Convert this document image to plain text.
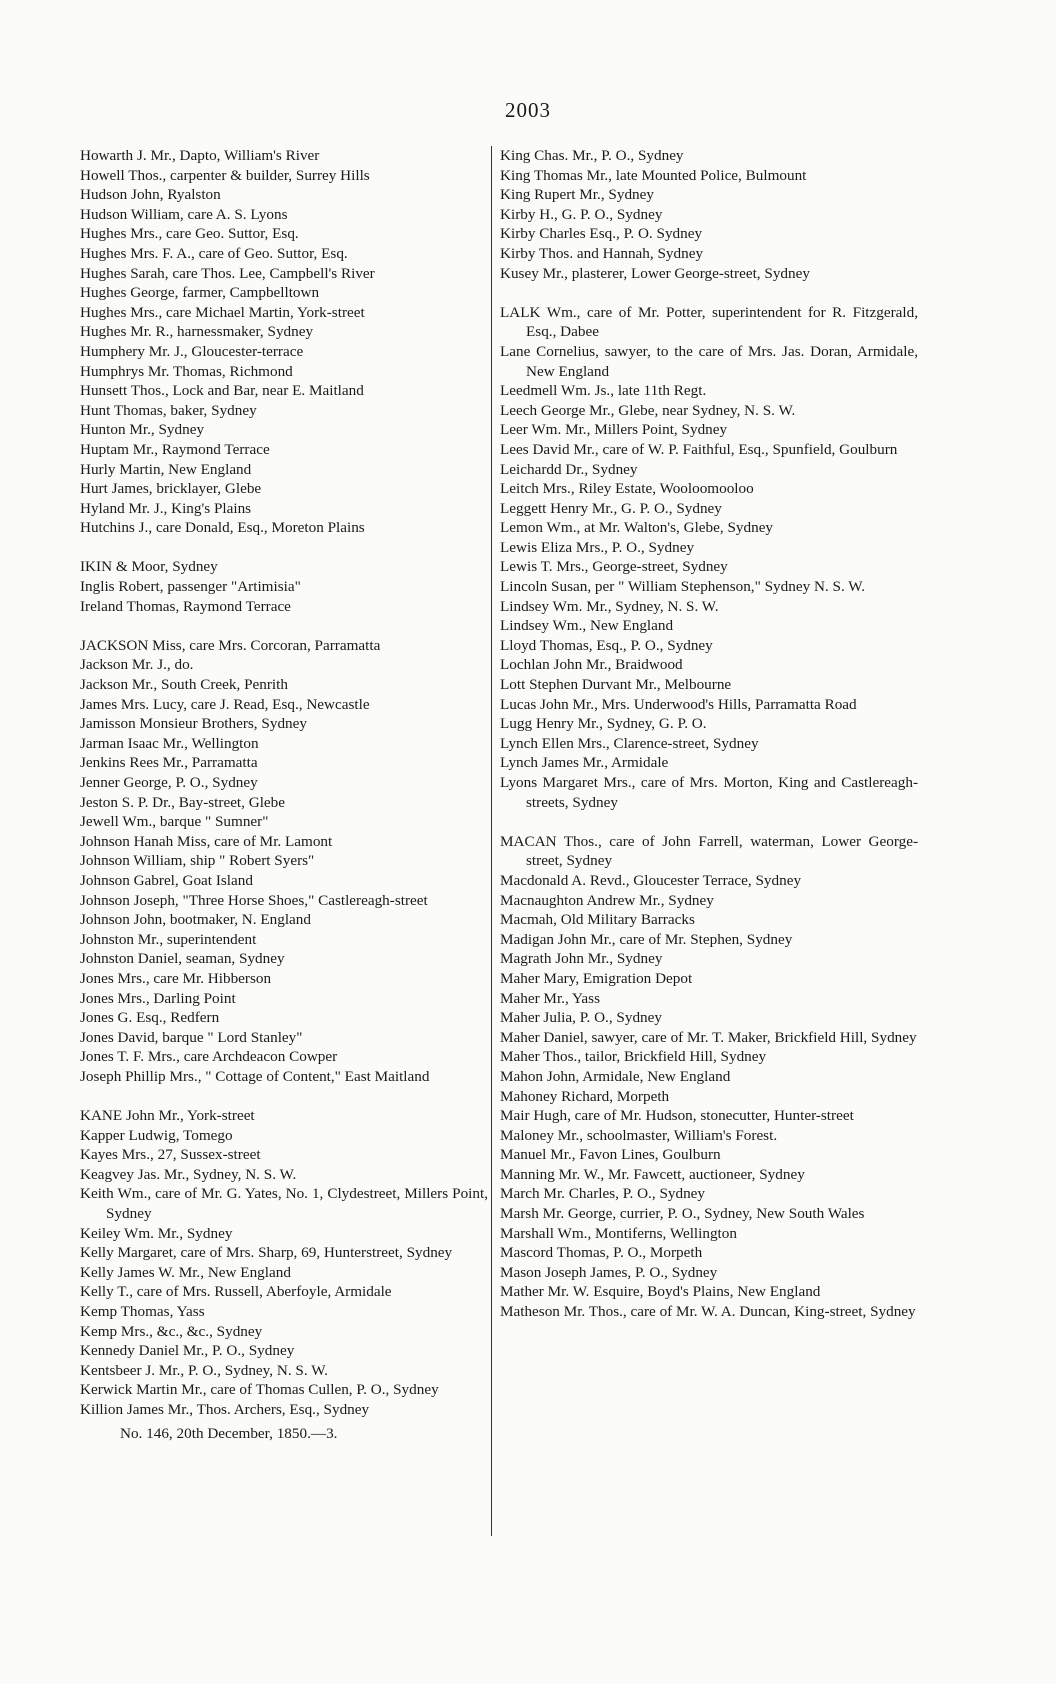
2003
Howarth J. Mr., Dapto, William's River
Howell Thos., carpenter & builder, Surrey Hills
Hudson John, Ryalston
Hudson William, care A. S. Lyons
Hughes Mrs., care Geo. Suttor, Esq.
Hughes Mrs. F. A., care of Geo. Suttor, Esq.
Hughes Sarah, care Thos. Lee, Campbell's River
Hughes George, farmer, Campbelltown
Hughes Mrs., care Michael Martin, York-street
Hughes Mr. R., harnessmaker, Sydney
Humphery Mr. J., Gloucester-terrace
Humphrys Mr. Thomas, Richmond
Hunsett Thos., Lock and Bar, near E. Maitland
Hunt Thomas, baker, Sydney
Hunton Mr., Sydney
Huptam Mr., Raymond Terrace
Hurly Martin, New England
Hurt James, bricklayer, Glebe
Hyland Mr. J., King's Plains
Hutchins J., care Donald, Esq., Moreton Plains
IKIN & Moor, Sydney
Inglis Robert, passenger "Artimisia"
Ireland Thomas, Raymond Terrace
JACKSON Miss, care Mrs. Corcoran, Parramatta
Jackson Mr. J., do.
Jackson Mr., South Creek, Penrith
James Mrs. Lucy, care J. Read, Esq., Newcastle
Jamisson Monsieur Brothers, Sydney
Jarman Isaac Mr., Wellington
Jenkins Rees Mr., Parramatta
Jenner George, P. O., Sydney
Jeston S. P. Dr., Bay-street, Glebe
Jewell Wm., barque " Sumner"
Johnson Hanah Miss, care of Mr. Lamont
Johnson William, ship " Robert Syers"
Johnson Gabrel, Goat Island
Johnson Joseph, "Three Horse Shoes," Castlereagh-street
Johnson John, bootmaker, N. England
Johnston Mr., superintendent
Johnston Daniel, seaman, Sydney
Jones Mrs., care Mr. Hibberson
Jones Mrs., Darling Point
Jones G. Esq., Redfern
Jones David, barque " Lord Stanley"
Jones T. F. Mrs., care Archdeacon Cowper
Joseph Phillip Mrs., " Cottage of Content," East Maitland
KANE John Mr., York-street
Kapper Ludwig, Tomego
Kayes Mrs., 27, Sussex-street
Keagvey Jas. Mr., Sydney, N. S. W.
Keith Wm., care of Mr. G. Yates, No. 1, Clydestreet, Millers Point, Sydney
Keiley Wm. Mr., Sydney
Kelly Margaret, care of Mrs. Sharp, 69, Hunterstreet, Sydney
Kelly James W. Mr., New England
Kelly T., care of Mrs. Russell, Aberfoyle, Armidale
Kemp Thomas, Yass
Kemp Mrs., &c., &c., Sydney
Kennedy Daniel Mr., P. O., Sydney
Kentsbeer J. Mr., P. O., Sydney, N. S. W.
Kerwick Martin Mr., care of Thomas Cullen, P. O., Sydney
Killion James Mr., Thos. Archers, Esq., Sydney
No. 146, 20th December, 1850.—3.
King Chas. Mr., P. O., Sydney
King Thomas Mr., late Mounted Police, Bulmount
King Rupert Mr., Sydney
Kirby H., G. P. O., Sydney
Kirby Charles Esq., P. O. Sydney
Kirby Thos. and Hannah, Sydney
Kusey Mr., plasterer, Lower George-street, Sydney
LALK Wm., care of Mr. Potter, superintendent for R. Fitzgerald, Esq., Dabee
Lane Cornelius, sawyer, to the care of Mrs. Jas. Doran, Armidale, New England
Leedmell Wm. Js., late 11th Regt.
Leech George Mr., Glebe, near Sydney, N. S. W.
Leer Wm. Mr., Millers Point, Sydney
Lees David Mr., care of W. P. Faithful, Esq., Spunfield, Goulburn
Leichardd Dr., Sydney
Leitch Mrs., Riley Estate, Wooloomooloo
Leggett Henry Mr., G. P. O., Sydney
Lemon Wm., at Mr. Walton's, Glebe, Sydney
Lewis Eliza Mrs., P. O., Sydney
Lewis T. Mrs., George-street, Sydney
Lincoln Susan, per " William Stephenson," Sydney N. S. W.
Lindsey Wm. Mr., Sydney, N. S. W.
Lindsey Wm., New England
Lloyd Thomas, Esq., P. O., Sydney
Lochlan John Mr., Braidwood
Lott Stephen Durvant Mr., Melbourne
Lucas John Mr., Mrs. Underwood's Hills, Parramatta Road
Lugg Henry Mr., Sydney, G. P. O.
Lynch Ellen Mrs., Clarence-street, Sydney
Lynch James Mr., Armidale
Lyons Margaret Mrs., care of Mrs. Morton, King and Castlereagh-streets, Sydney
MACAN Thos., care of John Farrell, waterman, Lower George-street, Sydney
Macdonald A. Revd., Gloucester Terrace, Sydney
Macnaughton Andrew Mr., Sydney
Macmah, Old Military Barracks
Madigan John Mr., care of Mr. Stephen, Sydney
Magrath John Mr., Sydney
Maher Mary, Emigration Depot
Maher Mr., Yass
Maher Julia, P. O., Sydney
Maher Daniel, sawyer, care of Mr. T. Maker, Brickfield Hill, Sydney
Maher Thos., tailor, Brickfield Hill, Sydney
Mahon John, Armidale, New England
Mahoney Richard, Morpeth
Mair Hugh, care of Mr. Hudson, stonecutter, Hunter-street
Maloney Mr., schoolmaster, William's Forest.
Manuel Mr., Favon Lines, Goulburn
Manning Mr. W., Mr. Fawcett, auctioneer, Sydney
March Mr. Charles, P. O., Sydney
Marsh Mr. George, currier, P. O., Sydney, New South Wales
Marshall Wm., Montiferns, Wellington
Mascord Thomas, P. O., Morpeth
Mason Joseph James, P. O., Sydney
Mather Mr. W. Esquire, Boyd's Plains, New England
Matheson Mr. Thos., care of Mr. W. A. Duncan, King-street, Sydney
